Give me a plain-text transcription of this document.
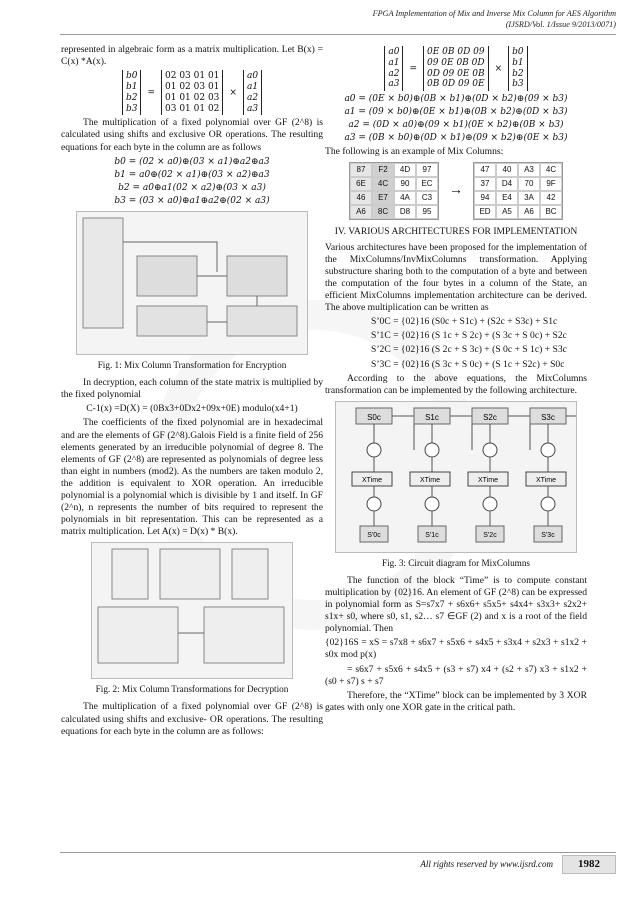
FPGA Implementation of Mix and Inverse Mix Column for AES Algorithm
(IJSRD/Vol. 1/Issue 9/2013/0071)

represented in algebraic form as a matrix multiplication. Let B(x) = C(x) *A(x).

b0
b1
b2
b3
=
02 03 01 01
01 02 03 01
01 01 02 03
03 01 01 02
×
a0
a1
a2
a3

The multiplication of a fixed polynomial over GF (2^8) is calculated using shifts and exclusive OR operations. The resulting equations for each byte in the column are as follows

b0 = (02 × a0)⊕(03 × a1)⊕a2⊕a3
b1 = a0⊕(02 × a1)⊕(03 × a2)⊕a3
b2 = a0⊕a1(02 × a2)⊕(03 × a3)
b3 = (03 × a0)⊕a1⊕a2⊕(02 × a3)
Fig. 1: Mix Column Transformation for Encryption

In decryption, each column of the state matrix is multiplied by the fixed polynomial

C-1(x) =D(X) = (0Bx3+0Dx2+09x+0E) modulo(x4+1)

The coefficients of the fixed polynomial are in hexadecimal and are the elements of GF (2^8).Galois Field is a finite field of 256 elements generated by an irreducible polynomial of degree 8. The elements of GF (2^8) are represented as polynomials of degree less than eight in numbers (mod2). As the numbers are taken modulo 2, the addition is equivalent to XOR operation. An irreducible polynomial is a polynomial which is divisible by 1 and itself. In GF (2^n), n represents the number of bits required to represent the polynomials in bit representation. This can be represented as a matrix multiplication. Let A(x) = D(x) * B(x).

Fig. 2: Mix Column Transformations for Decryption

The multiplication of a fixed polynomial over GF (2^8) is calculated using shifts and exclusive- OR operations. The resulting equations for each byte in the column are as follows:

a0
a1
a2
a3
=
0E 0B 0D 09
09 0E 0B 0D
0D 09 0E 0B
0B 0D 09 0E
×
b0
b1
b2
b3
a0 = (0E × b0)⊕(0B × b1)⊕(0D × b2)⊕(09 × b3)
a1 = (09 × b0)⊕(0E × b1)⊕(0B × b2)⊕(0D × b3)
a2 = (0D × a0)⊕(09 × b1)(0E × b2)⊕(0B × b3)
a3 = (0B × b0)⊕(0D × b1)⊕(09 × b2)⊕(0E × b3)

The following is an example of Mix Columns:

87	F2	4D	97
6E	4C	90	EC
46	E7	4A	C3
A6	8C	D8	95
→
47	40	A3	4C
37	D4	70	9F
94	E4	3A	42
ED	A5	A6	BC
IV. VARIOUS ARCHITECTURES FOR IMPLEMENTATION

Various architectures have been proposed for the implementation of the MixColumns/InvMixColumns transformation. Applying substructure sharing both to the computation of a byte and between the computation of the four bytes in a column of the State, an efficient MixColumns implementation architecture can be derived. The above multiplication can be written as

S’0C = {02}16 (S0c + S1c) + (S2c + S3c) + S1c
S’1C = {02}16 (S 1c + S 2c) + (S 3c + S 0c) + S2c
S’2C = {02}16 (S 2c + S 3c) + (S 0c + S 1c) + S3c
S’3C = {02}16 (S 3c + S 0c) + (S 1c + S2c) + S0c

According to the above equations, the MixColumns transformation can be implemented by the following architecture.

S0c
XTime
S'0c
S1c
XTime
S'1c
S2c
XTime
S'2c
S3c
XTime
S'3c
Fig. 3: Circuit diagram for MixColumns

The function of the block “Time” is to compute constant multiplication by {02}16. An element of GF (2^8) can be expressed in polynomial form as S=s7x7 + s6x6+ s5x5+ s4x4+ s3x3+ s2x2+ s1x+ s0, where s0, s1, s2… s7 ∈GF (2) and x is a root of the field polynomial. Then

{02}16S = xS = s7x8 + s6x7 + s5x6 + s4x5 + s3x4 + s2x3 + s1x2 + s0x mod p(x)

= s6x7 + s5x6 + s4x5 + (s3 + s7) x4 + (s2 + s7) x3 + s1x2 + (s0 + s7) s + s7

Therefore, the “XTime” block can be implemented by 3 XOR gates with only one XOR gate in the critical path.

All rights reserved by www.ijsrd.com	1982
